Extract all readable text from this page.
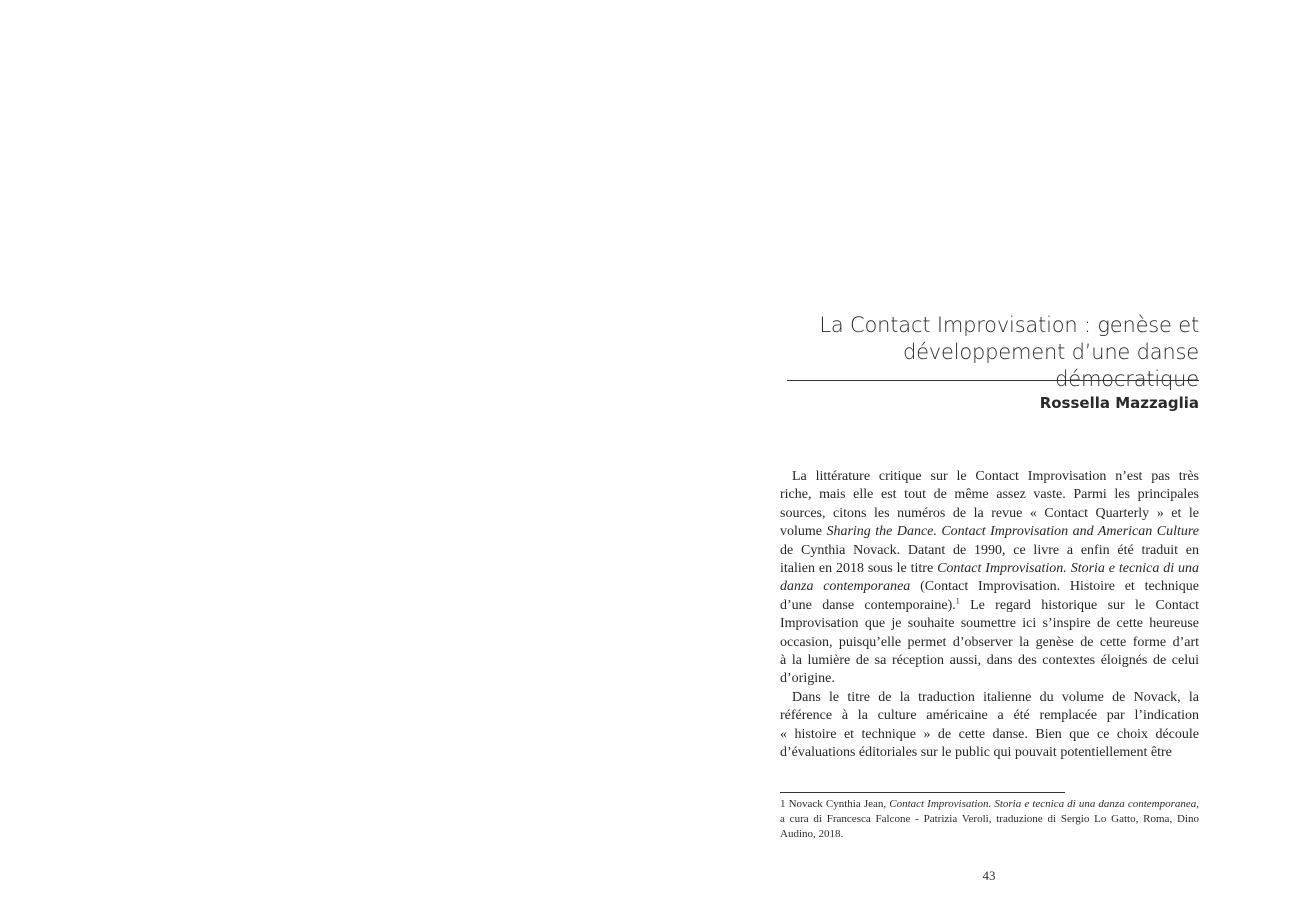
La Contact Improvisation : genèse et
développement d’une danse démocratique
Rossella Mazzaglia
La littérature critique sur le Contact Improvisation n’est pas très
riche, mais elle est tout de même assez vaste. Parmi les principales
sources, citons les numéros de la revue « Contact Quarterly » et le
volume Sharing the Dance. Contact Improvisation and American Culture
de Cynthia Novack. Datant de 1990, ce livre a enfin été traduit en
italien en 2018 sous le titre Contact Improvisation. Storia e tecnica di una
danza contemporanea (Contact Improvisation. Histoire et technique
d’une danse contemporaine).$^1$ Le regard historique sur le Contact
Improvisation que je souhaite soumettre ici s’inspire de cette heureuse
occasion, puisqu’elle permet d’observer la genèse de cette forme d’art
à la lumière de sa réception aussi, dans des contextes éloignés de celui
d’origine.
Dans le titre de la traduction italienne du volume de Novack, la
référence à la culture américaine a été remplacée par l’indication
« histoire et technique » de cette danse. Bien que ce choix découle
d’évaluations éditoriales sur le public qui pouvait potentiellement être
1 Novack Cynthia Jean, Contact Improvisation. Storia e tecnica di una danza contemporanea,
a cura di Francesca Falcone - Patrizia Veroli, traduzione di Sergio Lo Gatto, Roma, Dino
Audino, 2018.
43
